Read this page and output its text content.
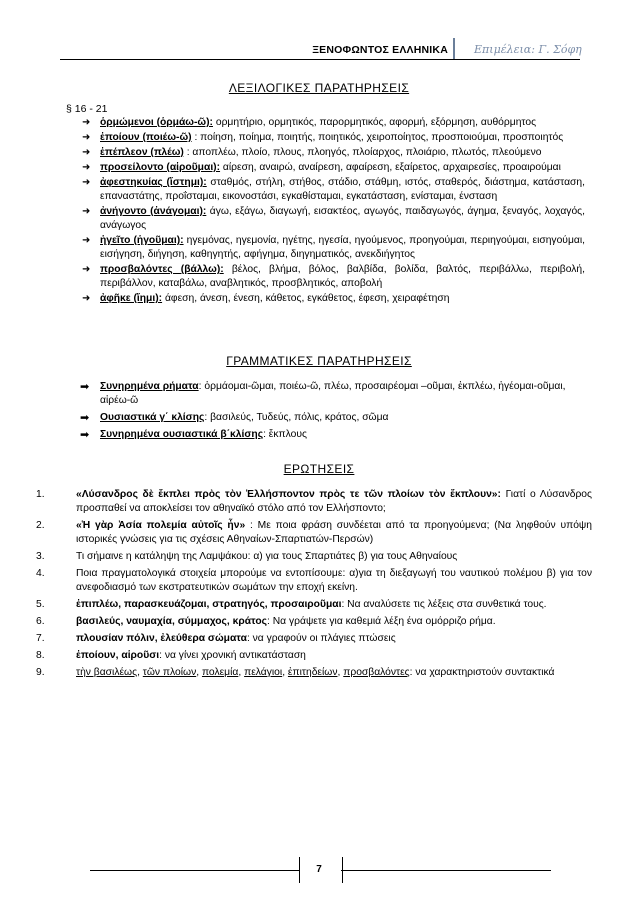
ΞΕΝΟΦΩΝΤΟΣ ΕΛΛΗΝΙΚΑ Επιμέλεια: Γ. Σόφη
ΛΕΞΙΛΟΓΙΚΕΣ ΠΑΡΑΤΗΡΗΣΕΙΣ
§ 16 - 21
➜ ὁρμώμενοι (ὁρμάω-ῶ): ορμητήριο, ορμητικός, παρορμητικός, αφορμή, εξόρμηση, αυθόρμητος
➜ ἐποίουν (ποιέω-ῶ) : ποίηση, ποίημα, ποιητής, ποιητικός, χειροποίητος, προσποιούμαι, προσποιητός
➜ ἐπέπλεον (πλέω) : αποπλέω, πλοίο, πλους, πλοηγός, πλοίαρχος, πλοιάριο, πλωτός, πλεούμενο
➜ προσείλοντο (αἱροῦμαι): αίρεση, αναιρώ, αναίρεση, αφαίρεση, εξαίρετος, αρχαιρεσίες, προαιρούμαι
➜ ἀφεστηκυίας (ἵστημι): σταθμός, στήλη, στήθος, στάδιο, στάθμη, ιστός, σταθερός, διάστημα, κατάσταση, επαναστάτης, προΐσταμαι, εικονοστάσι, εγκαθίσταμαι, εγκατάσταση, ενίσταμαι, ένσταση
➜ ἀνήγοντο (ἀνάγομαι): άγω, εξάγω, διαγωγή, εισακτέος, αγωγός, παιδαγωγός, άγημα, ξεναγός, λοχαγός, ανάγωγος
➜ ἡγεῖτο (ἡγοῦμαι): ηγεμόνας, ηγεμονία, ηγέτης, ηγεσία, ηγούμενος, προηγούμαι, περιηγούμαι, εισηγούμαι, εισήγηση, διήγηση, καθηγητής, αφήγημα, διηγηματικός, ανεκδιήγητος
➜ προσβαλόντες (βάλλω): βέλος, βλήμα, βόλος, βαλβίδα, βολίδα, βαλτός, περιβάλλω, περιβολή, περιβάλλον, καταβάλω, αναβλητικός, προσβλητικός, αποβολή
➜ ἀφῆκε (ἵημι): άφεση, άνεση, ένεση, κάθετος, εγκάθετος, έφεση, χειραφέτηση
ΓΡΑΜΜΑΤΙΚΕΣ ΠΑΡΑΤΗΡΗΣΕΙΣ
➡ Συνηρημένα ρήματα: ὁρμάομαι-ῶμαι, ποιέω-ῶ, πλέω, προσαιρέομαι –οῦμαι, ἐκπλέω, ἡγέομαι-οῦμαι, αἱρέω-ῶ
➡ Ουσιαστικά γ΄ κλίσης: βασιλεύς, Τυδεύς, πόλις, κράτος, σῶμα
➡ Συνηρημένα ουσιαστικά β΄κλίσης: ἔκπλους
ΕΡΩΤΗΣΕΙΣ
1.	«Λύσανδρος δὲ ἔκπλει πρὸς τὸν Ἑλλήσποντον πρὸς τε τῶν πλοίων τὸν ἔκπλουν»: Γιατί ο Λύσανδρος προσπαθεί να αποκλείσει τον αθηναϊκό στόλο από τον Ελλήσποντο;
2.	«Ἡ γὰρ Ἀσία πολεμία αὐτοῖς ἦν» : Με ποια φράση συνδέεται από τα προηγούμενα; (Να ληφθούν υπόψη ιστορικές γνώσεις για τις σχέσεις Αθηναίων-Σπαρτιατών-Περσών)
3.	Τι σήμαινε η κατάληψη της Λαμψάκου: α) για τους Σπαρτιάτες β) για τους Αθηναίους
4.	Ποια πραγματολογικά στοιχεία μπορούμε να εντοπίσουμε: α)για τη διεξαγωγή του ναυτικού πολέμου β) για τον ανεφοδιασμό των εκστρατευτικών σωμάτων την εποχή εκείνη.
5.	ἐπιπλέω, παρασκευάζομαι, στρατηγός, προσαιροῦμαι: Να αναλύσετε τις λέξεις στα συνθετικά τους.
6.	βασιλεύς, ναυμαχία, σύμμαχος, κράτος: Να γράψετε για καθεμιά λέξη ένα ομόρριζο ρήμα.
7.	πλουσίαν πόλιν, ἐλεύθερα σώματα: να γραφούν οι πλάγιες πτώσεις
8.	ἐποίουν, αἱροῦσι: να γίνει χρονική αντικατάσταση
9.	τὴν βασιλέως, τῶν πλοίων, πολεμία, πελάγιοι, ἐπιτηδείων, προσβαλόντες: να χαρακτηριστούν συντακτικά
7
